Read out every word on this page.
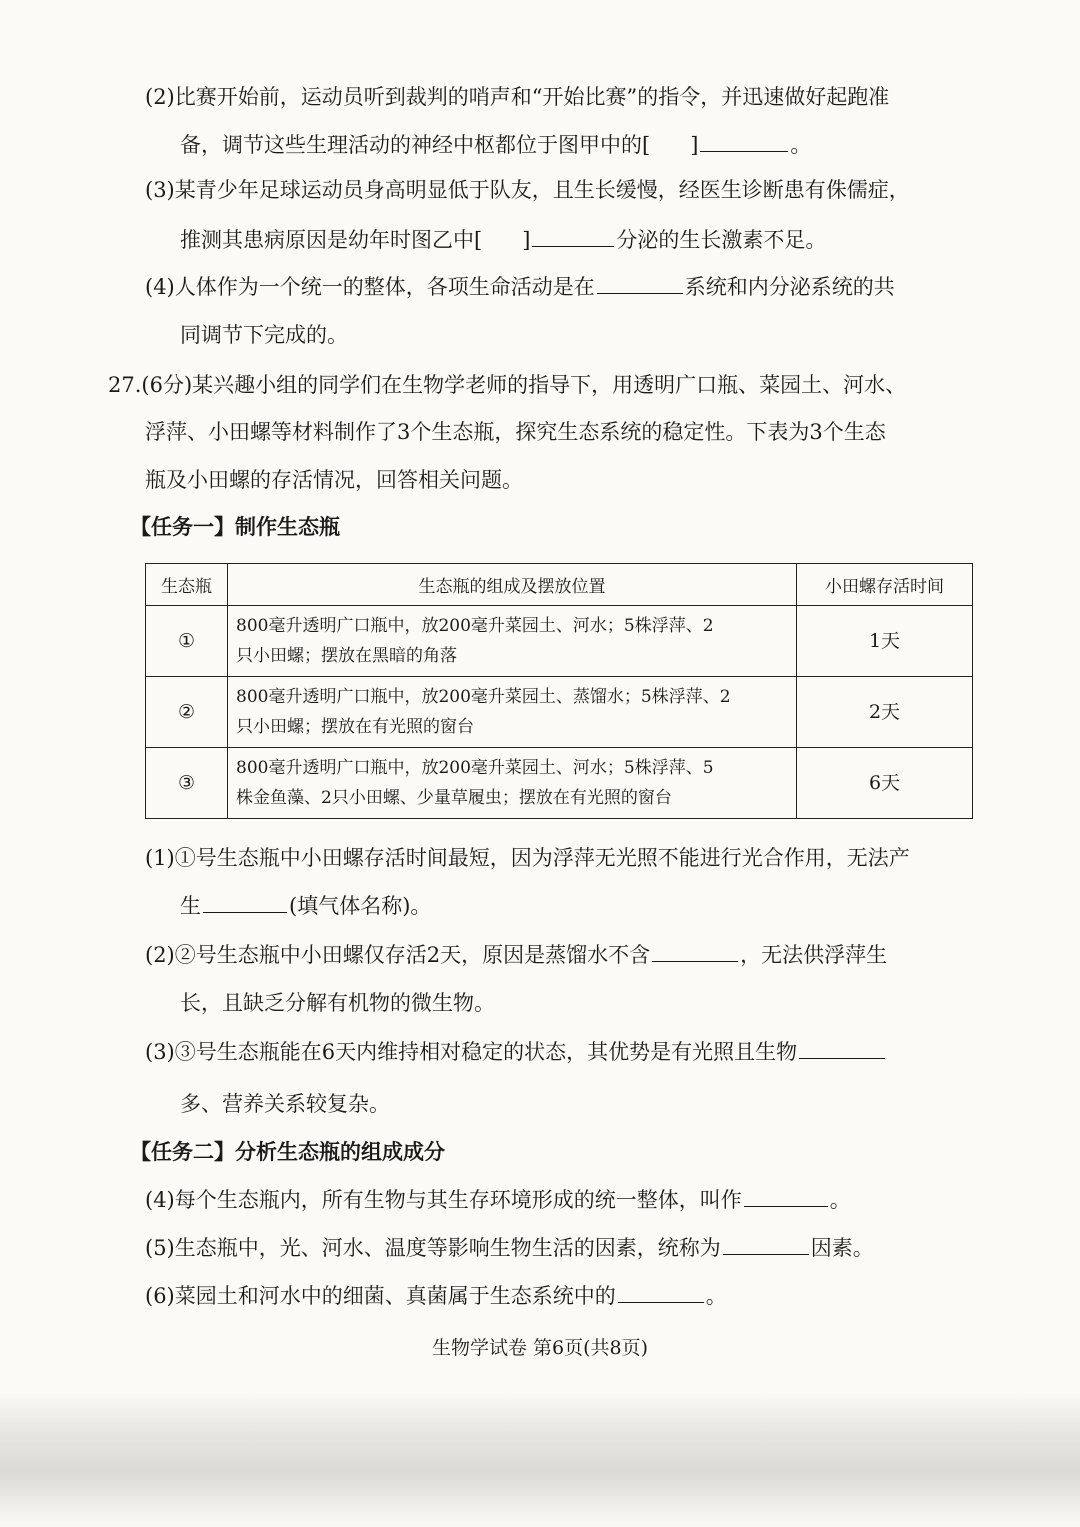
(2)比赛开始前，运动员听到裁判的哨声和“开始比赛”的指令，并迅速做好起跑准
备，调节这些生理活动的神经中枢都位于图甲中的[ ]	。
(3)某青少年足球运动员身高明显低于队友，且生长缓慢，经医生诊断患有侏儒症，
推测其患病原因是幼年时图乙中[ ]	分泌的生长激素不足。
(4)人体作为一个统一的整体，各项生命活动是在	系统和内分泌系统的共
同调节下完成的。
27.(6分)某兴趣小组的同学们在生物学老师的指导下，用透明广口瓶、菜园土、河水、
浮萍、小田螺等材料制作了3个生态瓶，探究生态系统的稳定性。下表为3个生态
瓶及小田螺的存活情况，回答相关问题。
【任务一】制作生态瓶
生态瓶	生态瓶的组成及摆放位置	小田螺存活时间
①	800毫升透明广口瓶中，放200毫升菜园土、河水；5株浮萍、2
只小田螺；摆放在黑暗的角落	1天
②	800毫升透明广口瓶中，放200毫升菜园土、蒸馏水；5株浮萍、2
只小田螺；摆放在有光照的窗台	2天
③	800毫升透明广口瓶中，放200毫升菜园土、河水；5株浮萍、5
株金鱼藻、2只小田螺、少量草履虫；摆放在有光照的窗台	6天
(1)①号生态瓶中小田螺存活时间最短，因为浮萍无光照不能进行光合作用，无法产
生	(填气体名称)。
(2)②号生态瓶中小田螺仅存活2天，原因是蒸馏水不含	，无法供浮萍生
长，且缺乏分解有机物的微生物。
(3)③号生态瓶能在6天内维持相对稳定的状态，其优势是有光照且生物
多、营养关系较复杂。
【任务二】分析生态瓶的组成成分
(4)每个生态瓶内，所有生物与其生存环境形成的统一整体，叫作	。
(5)生态瓶中，光、河水、温度等影响生物生活的因素，统称为	因素。
(6)菜园土和河水中的细菌、真菌属于生态系统中的	。
生物学试卷 第6页(共8页)
